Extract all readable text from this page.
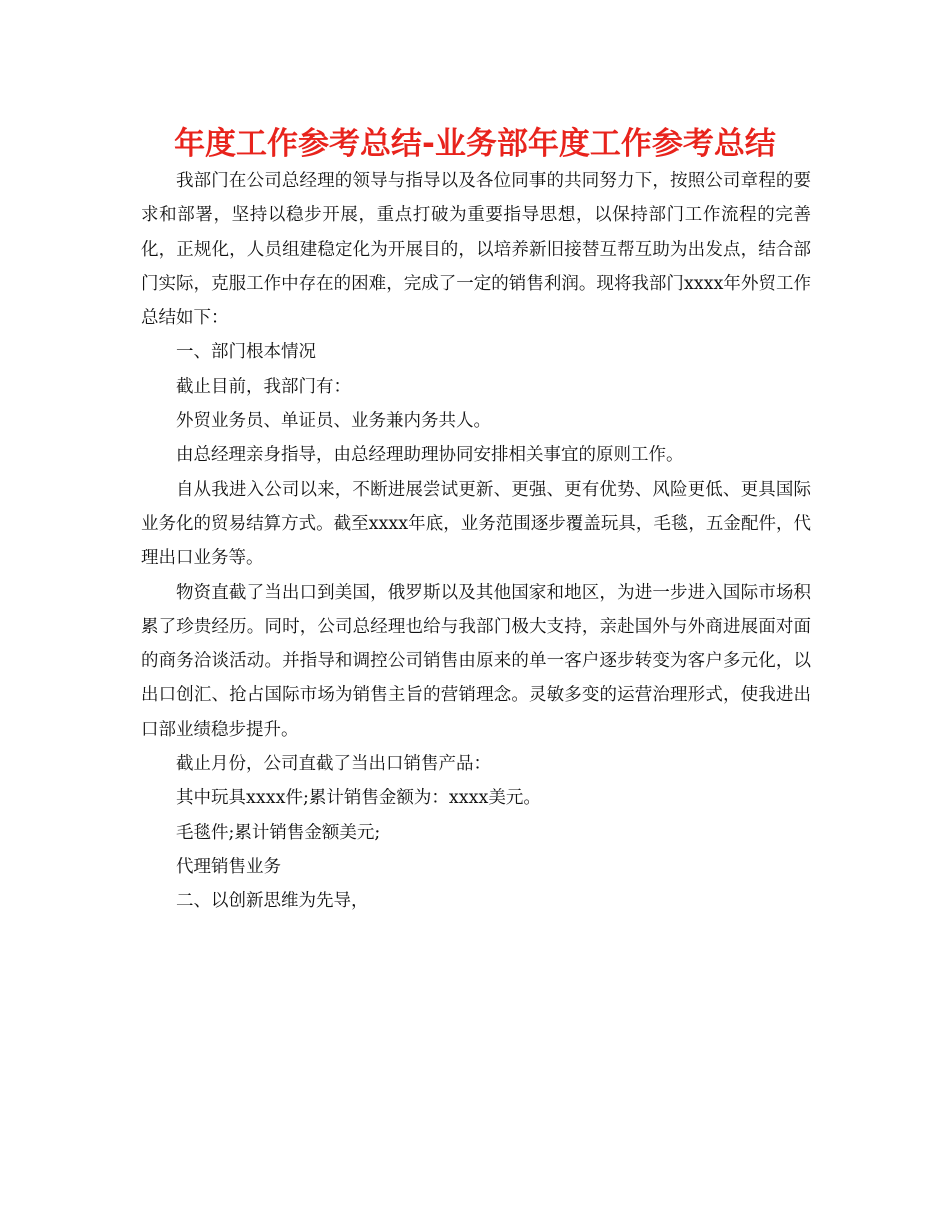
年度工作参考总结-业务部年度工作参考总结

我部门在公司总经理的领导与指导以及各位同事的共同努力下，按照公司章程的要求和部署，坚持以稳步开展，重点打破为重要指导思想，以保持部门工作流程的完善化，正规化，人员组建稳定化为开展目的，以培养新旧接替互帮互助为出发点，结合部门实际，克服工作中存在的困难，完成了一定的销售利润。现将我部门xxxx年外贸工作总结如下：

一、部门根本情况

截止目前，我部门有：

外贸业务员、单证员、业务兼内务共人。

由总经理亲身指导，由总经理助理协同安排相关事宜的原则工作。

自从我进入公司以来，不断进展尝试更新、更强、更有优势、风险更低、更具国际业务化的贸易结算方式。截至xxxx年底，业务范围逐步覆盖玩具，毛毯，五金配件，代理出口业务等。

物资直截了当出口到美国，俄罗斯以及其他国家和地区，为进一步进入国际市场积累了珍贵经历。同时，公司总经理也给与我部门极大支持，亲赴国外与外商进展面对面的商务洽谈活动。并指导和调控公司销售由原来的单一客户逐步转变为客户多元化，以出口创汇、抢占国际市场为销售主旨的营销理念。灵敏多变的运营治理形式，使我进出口部业绩稳步提升。

截止月份，公司直截了当出口销售产品：

其中玩具xxxx件;累计销售金额为：xxxx美元。

毛毯件;累计销售金额美元;

代理销售业务

二、以创新思维为先导，
